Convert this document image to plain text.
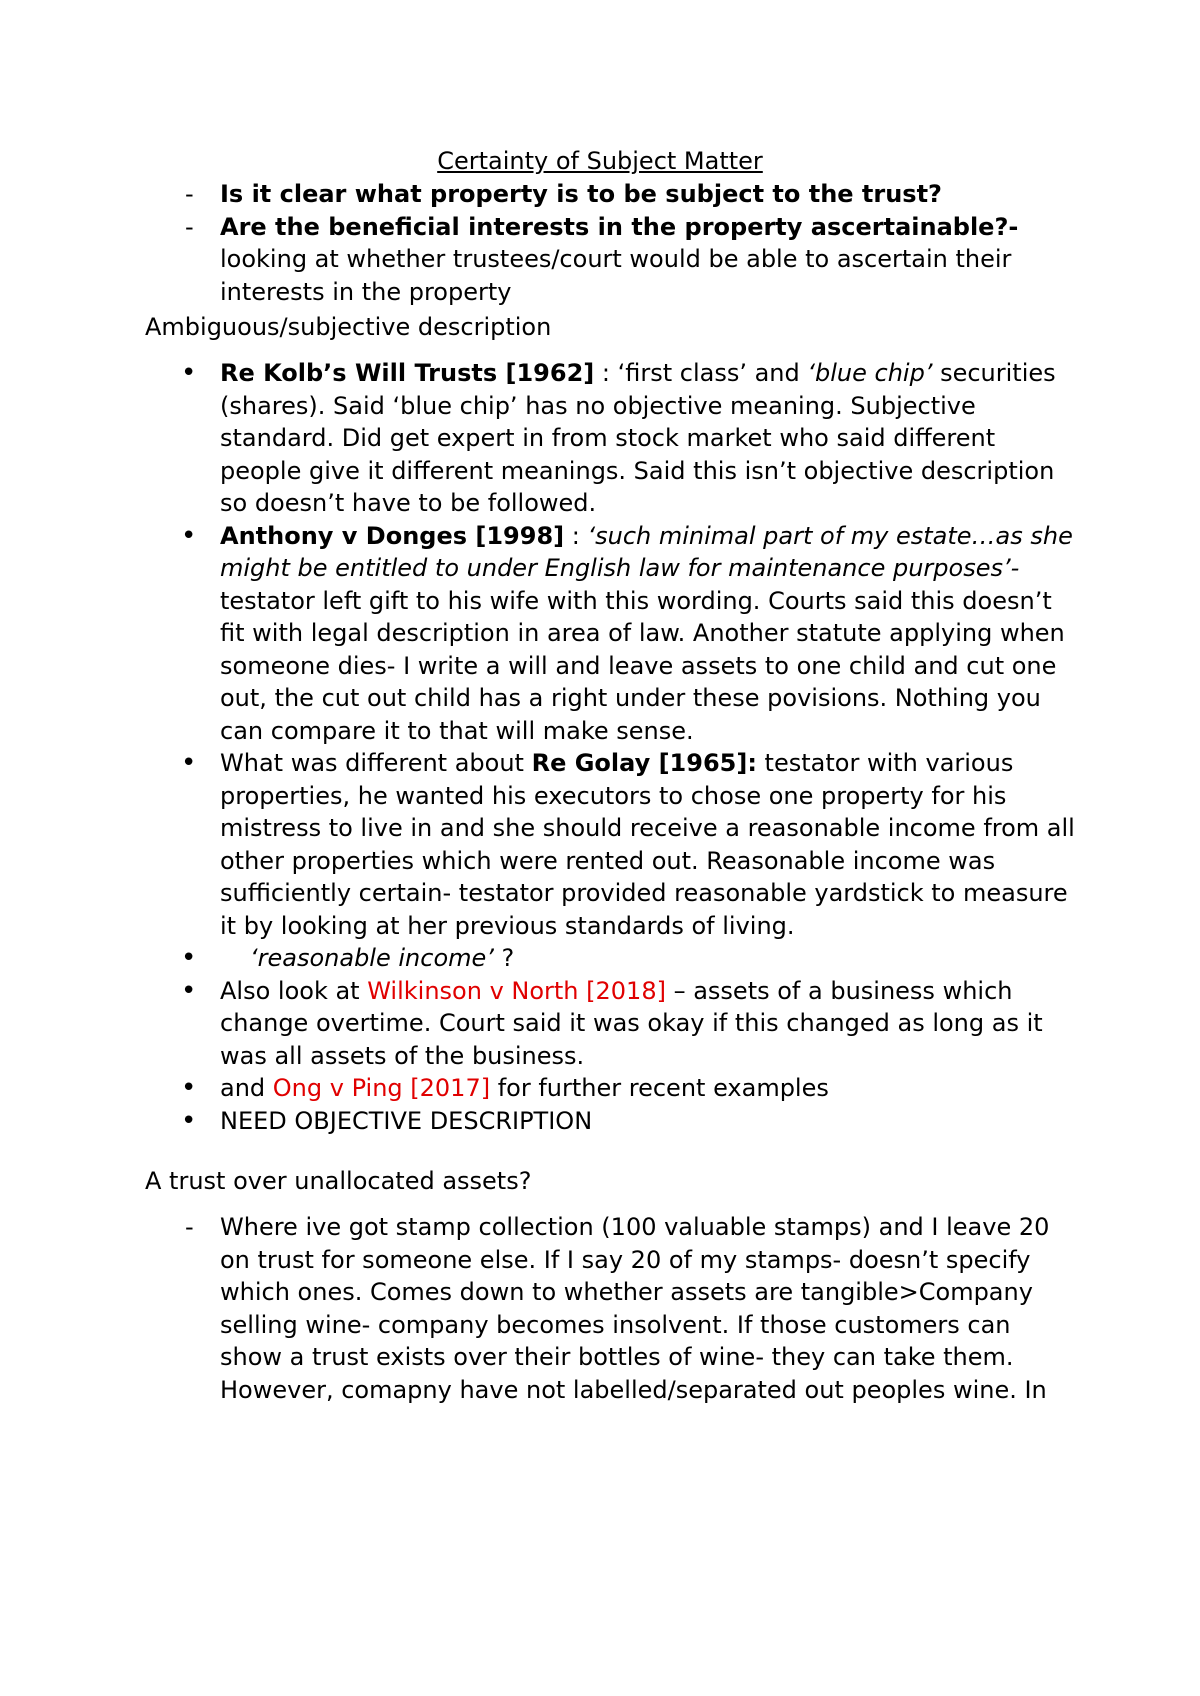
Certainty of Subject Matter

- Is it clear what property is to be subject to the trust?

- Are the beneficial interests in the property ascertainable?- looking at whether trustees/court would be able to ascertain their interests in the property

Ambiguous/subjective description

• Re Kolb’s Will Trusts [1962] : ‘first class’ and ‘blue chip’ securities (shares). Said ‘blue chip’ has no objective meaning. Subjective standard. Did get expert in from stock market who said different people give it different meanings. Said this isn’t objective description so doesn’t have to be followed.

• Anthony v Donges [1998] : ‘such minimal part of my estate…as she might be entitled to under English law for maintenance purposes’- testator left gift to his wife with this wording. Courts said this doesn’t fit with legal description in area of law. Another statute applying when someone dies- I write a will and leave assets to one child and cut one out, the cut out child has a right under these povisions. Nothing you can compare it to that will make sense.

• What was different about Re Golay [1965]: testator with various properties, he wanted his executors to chose one property for his mistress to live in and she should receive a reasonable income from all other properties which were rented out. Reasonable income was sufficiently certain- testator provided reasonable yardstick to measure it by looking at her previous standards of living.

• ‘reasonable income’ ?

• Also look at Wilkinson v North [2018] – assets of a business which change overtime. Court said it was okay if this changed as long as it was all assets of the business.

• and Ong v Ping [2017] for further recent examples

• NEED OBJECTIVE DESCRIPTION

A trust over unallocated assets?

- Where ive got stamp collection (100 valuable stamps) and I leave 20 on trust for someone else. If I say 20 of my stamps- doesn’t specify which ones. Comes down to whether assets are tangible>Company selling wine- company becomes insolvent. If those customers can show a trust exists over their bottles of wine- they can take them. However, comapny have not labelled/separated out peoples wine. In
